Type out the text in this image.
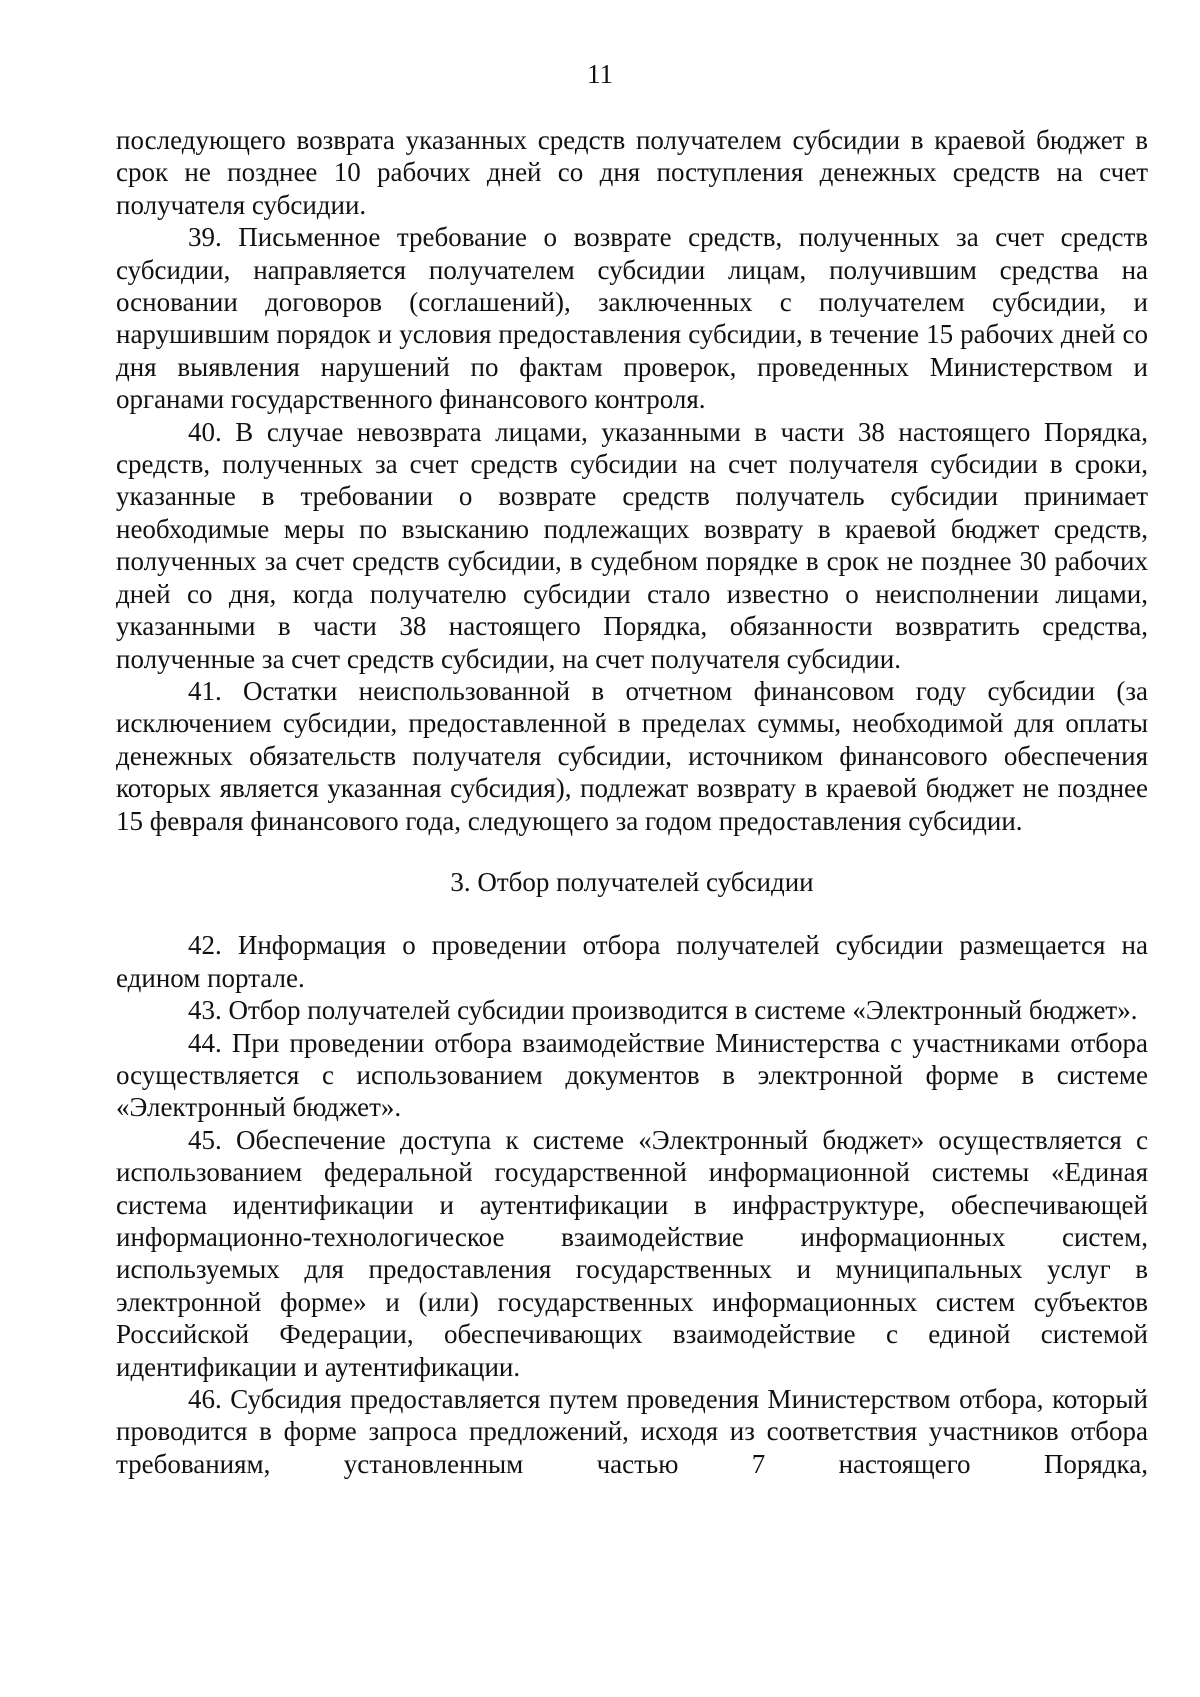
11

последующего возврата указанных средств получателем субсидии в краевой бюджет в срок не позднее 10 рабочих дней со дня поступления денежных средств на счет получателя субсидии.

39. Письменное требование о возврате средств, полученных за счет средств субсидии, направляется получателем субсидии лицам, получившим средства на основании договоров (соглашений), заключенных с получателем субсидии, и нарушившим порядок и условия предоставления субсидии, в течение 15 рабочих дней со дня выявления нарушений по фактам проверок, проведенных Министерством и органами государственного финансового контроля.

40. В случае невозврата лицами, указанными в части 38 настоящего Порядка, средств, полученных за счет средств субсидии на счет получателя субсидии в сроки, указанные в требовании о возврате средств получатель субсидии принимает необходимые меры по взысканию подлежащих возврату в краевой бюджет средств, полученных за счет средств субсидии, в судебном порядке в срок не позднее 30 рабочих дней со дня, когда получателю субсидии стало известно о неисполнении лицами, указанными в части 38 настоящего Порядка, обязанности возвратить средства, полученные за счет средств субсидии, на счет получателя субсидии.

41. Остатки неиспользованной в отчетном финансовом году субсидии (за исключением субсидии, предоставленной в пределах суммы, необходимой для оплаты денежных обязательств получателя субсидии, источником финансового обеспечения которых является указанная субсидия), подлежат возврату в краевой бюджет не позднее 15 февраля финансового года, следующего за годом предоставления субсидии.

3. Отбор получателей субсидии

42. Информация о проведении отбора получателей субсидии размещается на едином портале.

43. Отбор получателей субсидии производится в системе «Электронный бюджет».

44. При проведении отбора взаимодействие Министерства с участниками отбора осуществляется с использованием документов в электронной форме в системе «Электронный бюджет».

45. Обеспечение доступа к системе «Электронный бюджет» осуществляется с использованием федеральной государственной информационной системы «Единая система идентификации и аутентификации в инфраструктуре, обеспечивающей информационно-технологическое взаимодействие информационных систем, используемых для предоставления государственных и муниципальных услуг в электронной форме» и (или) государственных информационных систем субъектов Российской Федерации, обеспечивающих взаимодействие с единой системой идентификации и аутентификации.

46. Субсидия предоставляется путем проведения Министерством отбора, который проводится в форме запроса предложений, исходя из соответствия участников отбора требованиям, установленным частью 7 настоящего Порядка,
